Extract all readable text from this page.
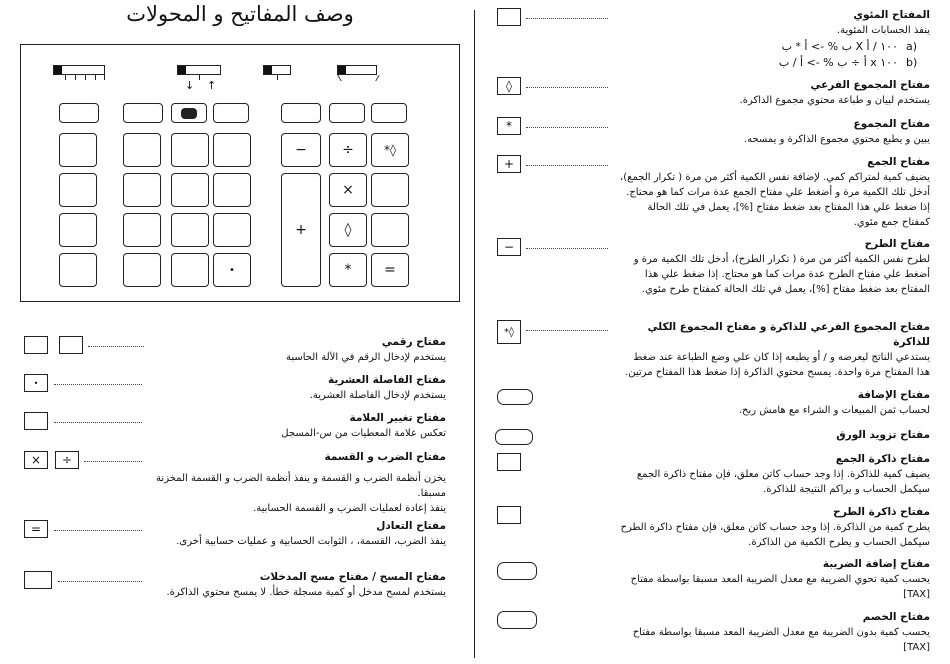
وصف المفاتيح و المحولات
↓ ↑
−	÷	*◊
+
×
◊
•	*	=
مفتاح رقمي
يستخدم لإدخال الرقم في الآلة الحاسبة
•	مفتاح الفاصلة العشرية
يستخدم لإدخال الفاصلة العشرية.
مفتاح تغيير العلامة
تعكس علامة المعطيات من س-المسجل
×	÷	مفتاح الضرب و القسمة
يخزن أنظمة الضرب و القسمة و ينفذ أنظمة الضرب و القسمة المخزنة مسبقا.
ينفذ إعادة لعمليات الضرب و القسمة الحسابية.
=	مفتاح التعادل
ينفذ الضرب، القسمة، ، الثوابت الحسابية و عمليات حسابية أخرى.
مفتاح المسح / مفتاح مسح المدخلات
يستخدم لمسح مدخل أو كمية مسجلة خطأ. لا يمسح محتوي الذاكرة.
المفتاح المئوي
ينفذ الحسابات المئوية.
a)
١٠٠ / أ X ب % -> أ * ب
b)
١٠٠ x أ ÷ ب % -> أ / ب
◊	مفتاح المجموع الفرعي
يستخدم لبيان و طباعة محتوي مجموع الذاكرة.
*	مفتاح المجموع
يبين و يطبع محتوي مجموع الذاكرة و يمسحه.
+	مفتاح الجمع
يضيف كمية لمتراكم كمي. لإضافة نفس الكمية أكثر من مرة ( تكرار الجمع)، أدخل تلك الكمية مرة و أضغط علي مفتاح الجمع عدة مرات كما هو محتاج. إذا ضغط علي هذا المفتاح بعد ضغط مفتاح [%]، يعمل في تلك الحالة كمفتاح جمع مئوي.
−	مفتاح الطرح
لطرح نفس الكمية أكثر من مرة ( تكرار الطرح)، أدخل تلك الكمية مرة و أضغط علي مفتاح الطرح عدة مرات كما هو محتاج. إذا ضغط علي هذا المفتاح بعد ضغط مفتاح [%]، يعمل في تلك الحالة كمفتاح طرح مئوي.
*◊	مفتاح المجموع الفرعي للذاكرة و مفتاح المجموع الكلي للذاكرة
يستدعي الناتج ليعرضه و / أو يطبعه إذا كان علي وضع الطباعة عند ضغط هذا المفتاح مرة واحدة. يمسح محتوي الذاكرة إذا ضغط هذا المفتاح مرتين.
مفتاح الإضافة
لحساب ثمن المبيعات و الشراء مع هامش ربح.
مفتاح تزويد الورق
مفتاح ذاكرة الجمع
يضيف كمية للذاكرة. إذا وجد حساب كاتن معلق، فإن مفتاح ذاكرة الجمع سيكمل الحساب و يراكم النتيجة للذاكرة.
مفتاح ذاكرة الطرح
يطرح كمية من الذاكرة. إذا وجد حساب كاتن معلق، فإن مفتاح ذاكرة الطرح سيكمل الحساب و يطرح الكمية من الذاكرة.
مفتاح إضافة الضريبة
يحسب كمية تحوي الضريبة مع معدل الضريبة المعد مسبقا بواسطة مفتاح [TAX]
مفتاح الخصم
يحسب كمية بدون الضريبة مع معدل الضريبة المعد مسبقا بواسطة مفتاح [TAX]
